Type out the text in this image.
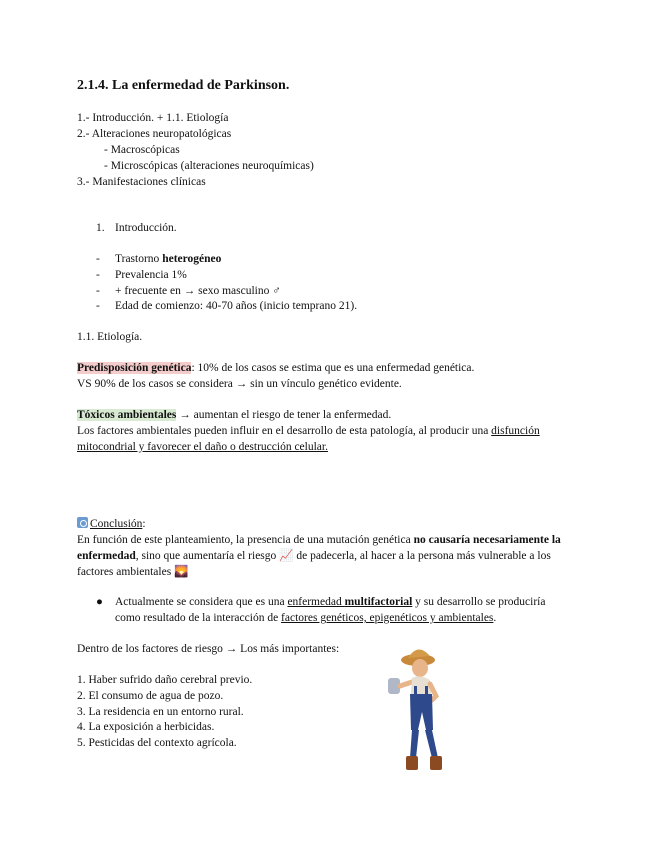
2.1.4. La enfermedad de Parkinson.
1.- Introducción. + 1.1. Etiología
2.- Alteraciones neuropatológicas
- Macroscópicas
- Microscópicas (alteraciones neuroquímicas)
3.- Manifestaciones clínicas
1. Introducción.
- Trastorno heterogéneo
- Prevalencia 1%
- + frecuente en → sexo masculino ♂
- Edad de comienzo: 40-70 años (inicio temprano 21).
1.1. Etiología.
Predisposición genética: 10% de los casos se estima que es una enfermedad genética.
VS 90% de los casos se considera → sin un vínculo genético evidente.
Tóxicos ambientales → aumentan el riesgo de tener la enfermedad.
Los factores ambientales pueden influir en el desarrollo de esta patología, al producir una disfunción
mitocondrial y favorecer el daño o destrucción celular.
Conclusión:
En función de este planteamiento, la presencia de una mutación genética no causaría necesariamente la enfermedad, sino que aumentaría el riesgo 📈 de padecerla, al hacer a la persona más vulnerable a los factores ambientales 🌄
● Actualmente se considera que es una enfermedad multifactorial y su desarrollo se produciría
como resultado de la interacción de factores genéticos, epigenéticos y ambientales.
Dentro de los factores de riesgo → Los más importantes:
1. Haber sufrido daño cerebral previo.
2. El consumo de agua de pozo.
3. La residencia en un entorno rural.
4. La exposición a herbicidas.
5. Pesticidas del contexto agrícola.
